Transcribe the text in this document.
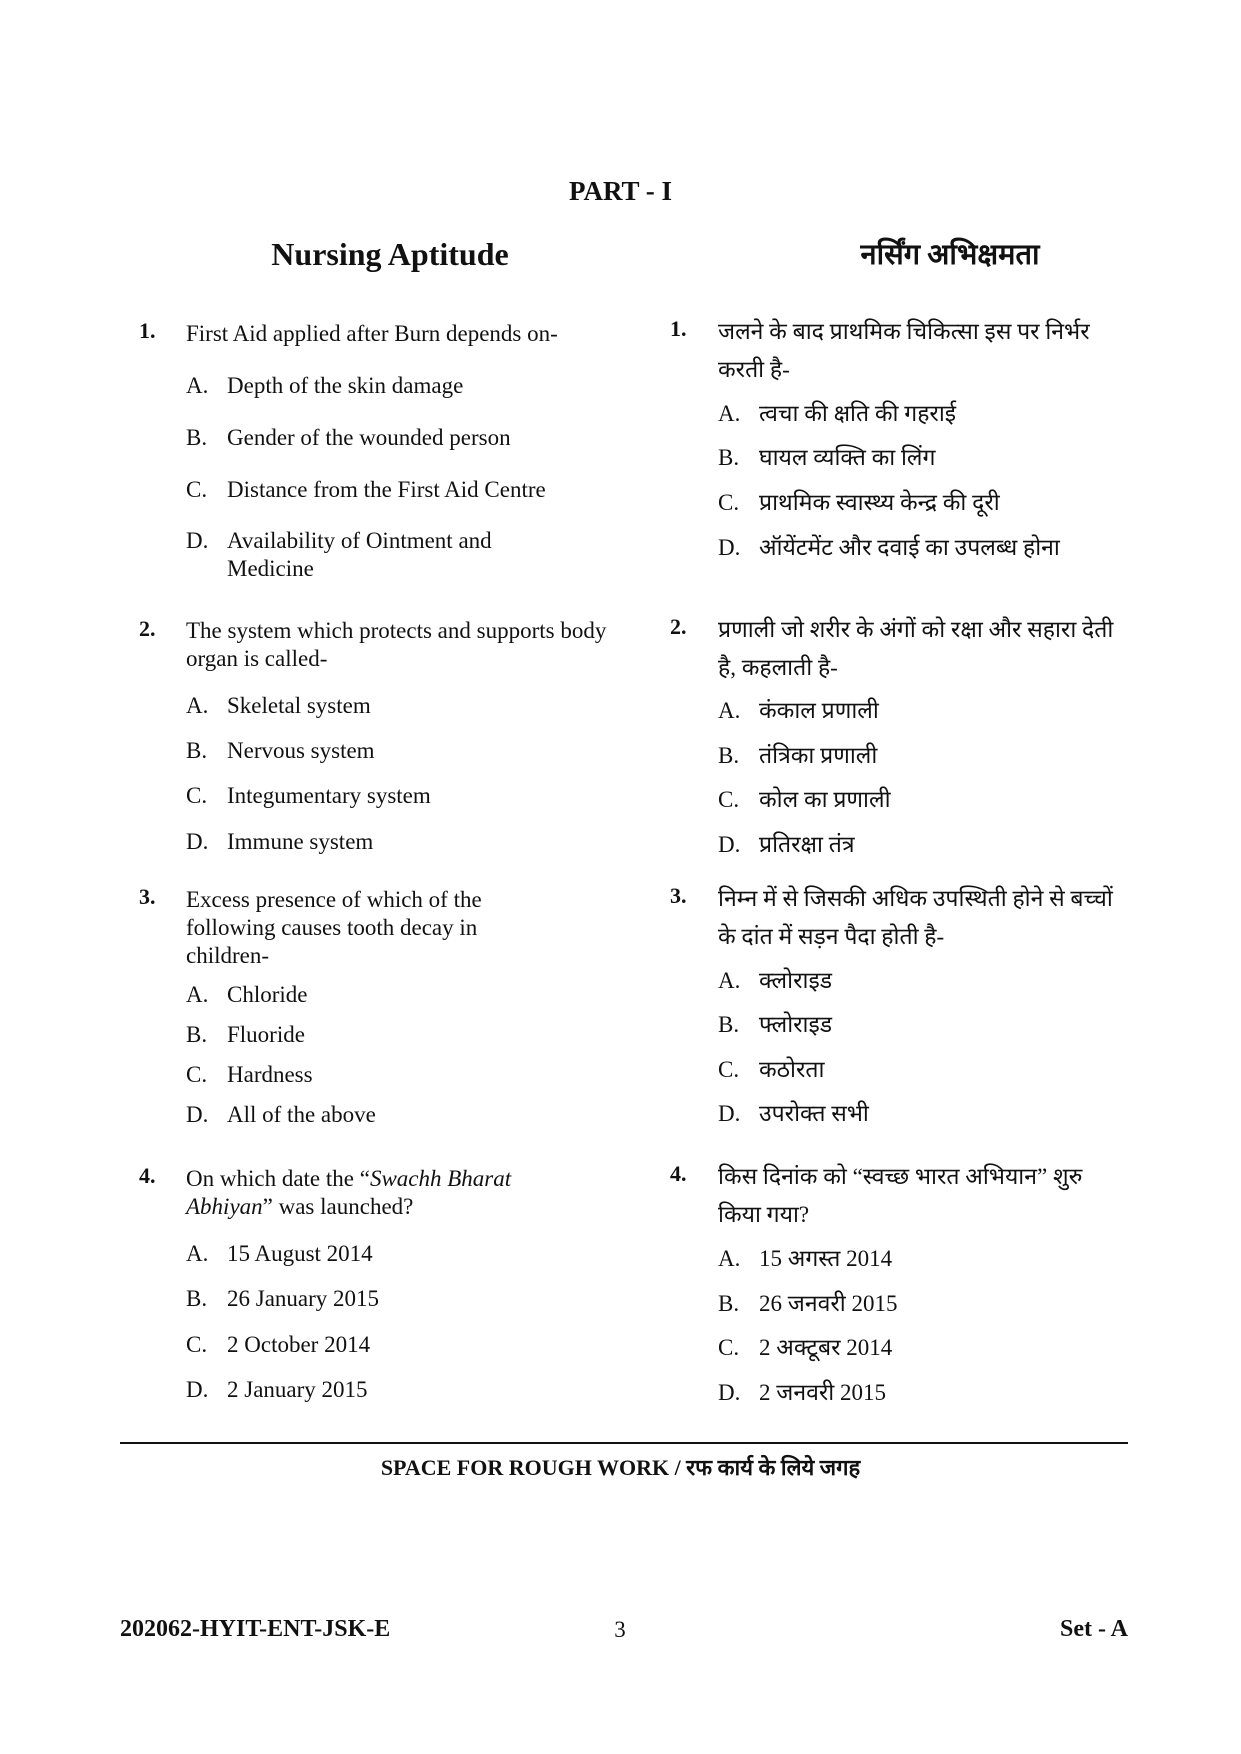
PART - I
Nursing Aptitude	नर्सिंग अभिक्षमता
1. First Aid applied after Burn depends on-
A. Depth of the skin damage
B. Gender of the wounded person
C. Distance from the First Aid Centre
D. Availability of Ointment and Medicine
2. The system which protects and supports body organ is called-
A. Skeletal system
B. Nervous system
C. Integumentary system
D. Immune system
3. Excess presence of which of the following causes tooth decay in children-
A. Chloride
B. Fluoride
C. Hardness
D. All of the above
4. On which date the “Swachh Bharat Abhiyan” was launched?
A. 15 August 2014
B. 26 January 2015
C. 2 October 2014
D. 2 January 2015
1. जलने के बाद प्राथमिक चिकित्सा इस पर निर्भर करती है-
A. त्वचा की क्षति की गहराई
B. घायल व्यक्ति का लिंग
C. प्राथमिक स्वास्थ्य केन्द्र की दूरी
D. ऑयेंटमेंट और दवाई का उपलब्ध होना
2. प्रणाली जो शरीर के अंगों को रक्षा और सहारा देती है, कहलाती है-
A. कंकाल प्रणाली
B. तंत्रिका प्रणाली
C. कोल का प्रणाली
D. प्रतिरक्षा तंत्र
3. निम्न में से जिसकी अधिक उपस्थिती होने से बच्चों के दांत में सड़न पैदा होती है-
A. क्लोराइड
B. फ्लोराइड
C. कठोरता
D. उपरोक्त सभी
4. किस दिनांक को “स्वच्छ भारत अभियान” शुरु किया गया?
A. 15 अगस्त 2014
B. 26 जनवरी 2015
C. 2 अक्टूबर 2014
D. 2 जनवरी 2015
SPACE FOR ROUGH WORK / रफ कार्य के लिये जगह
202062-HYIT-ENT-JSK-E	3	Set - A
